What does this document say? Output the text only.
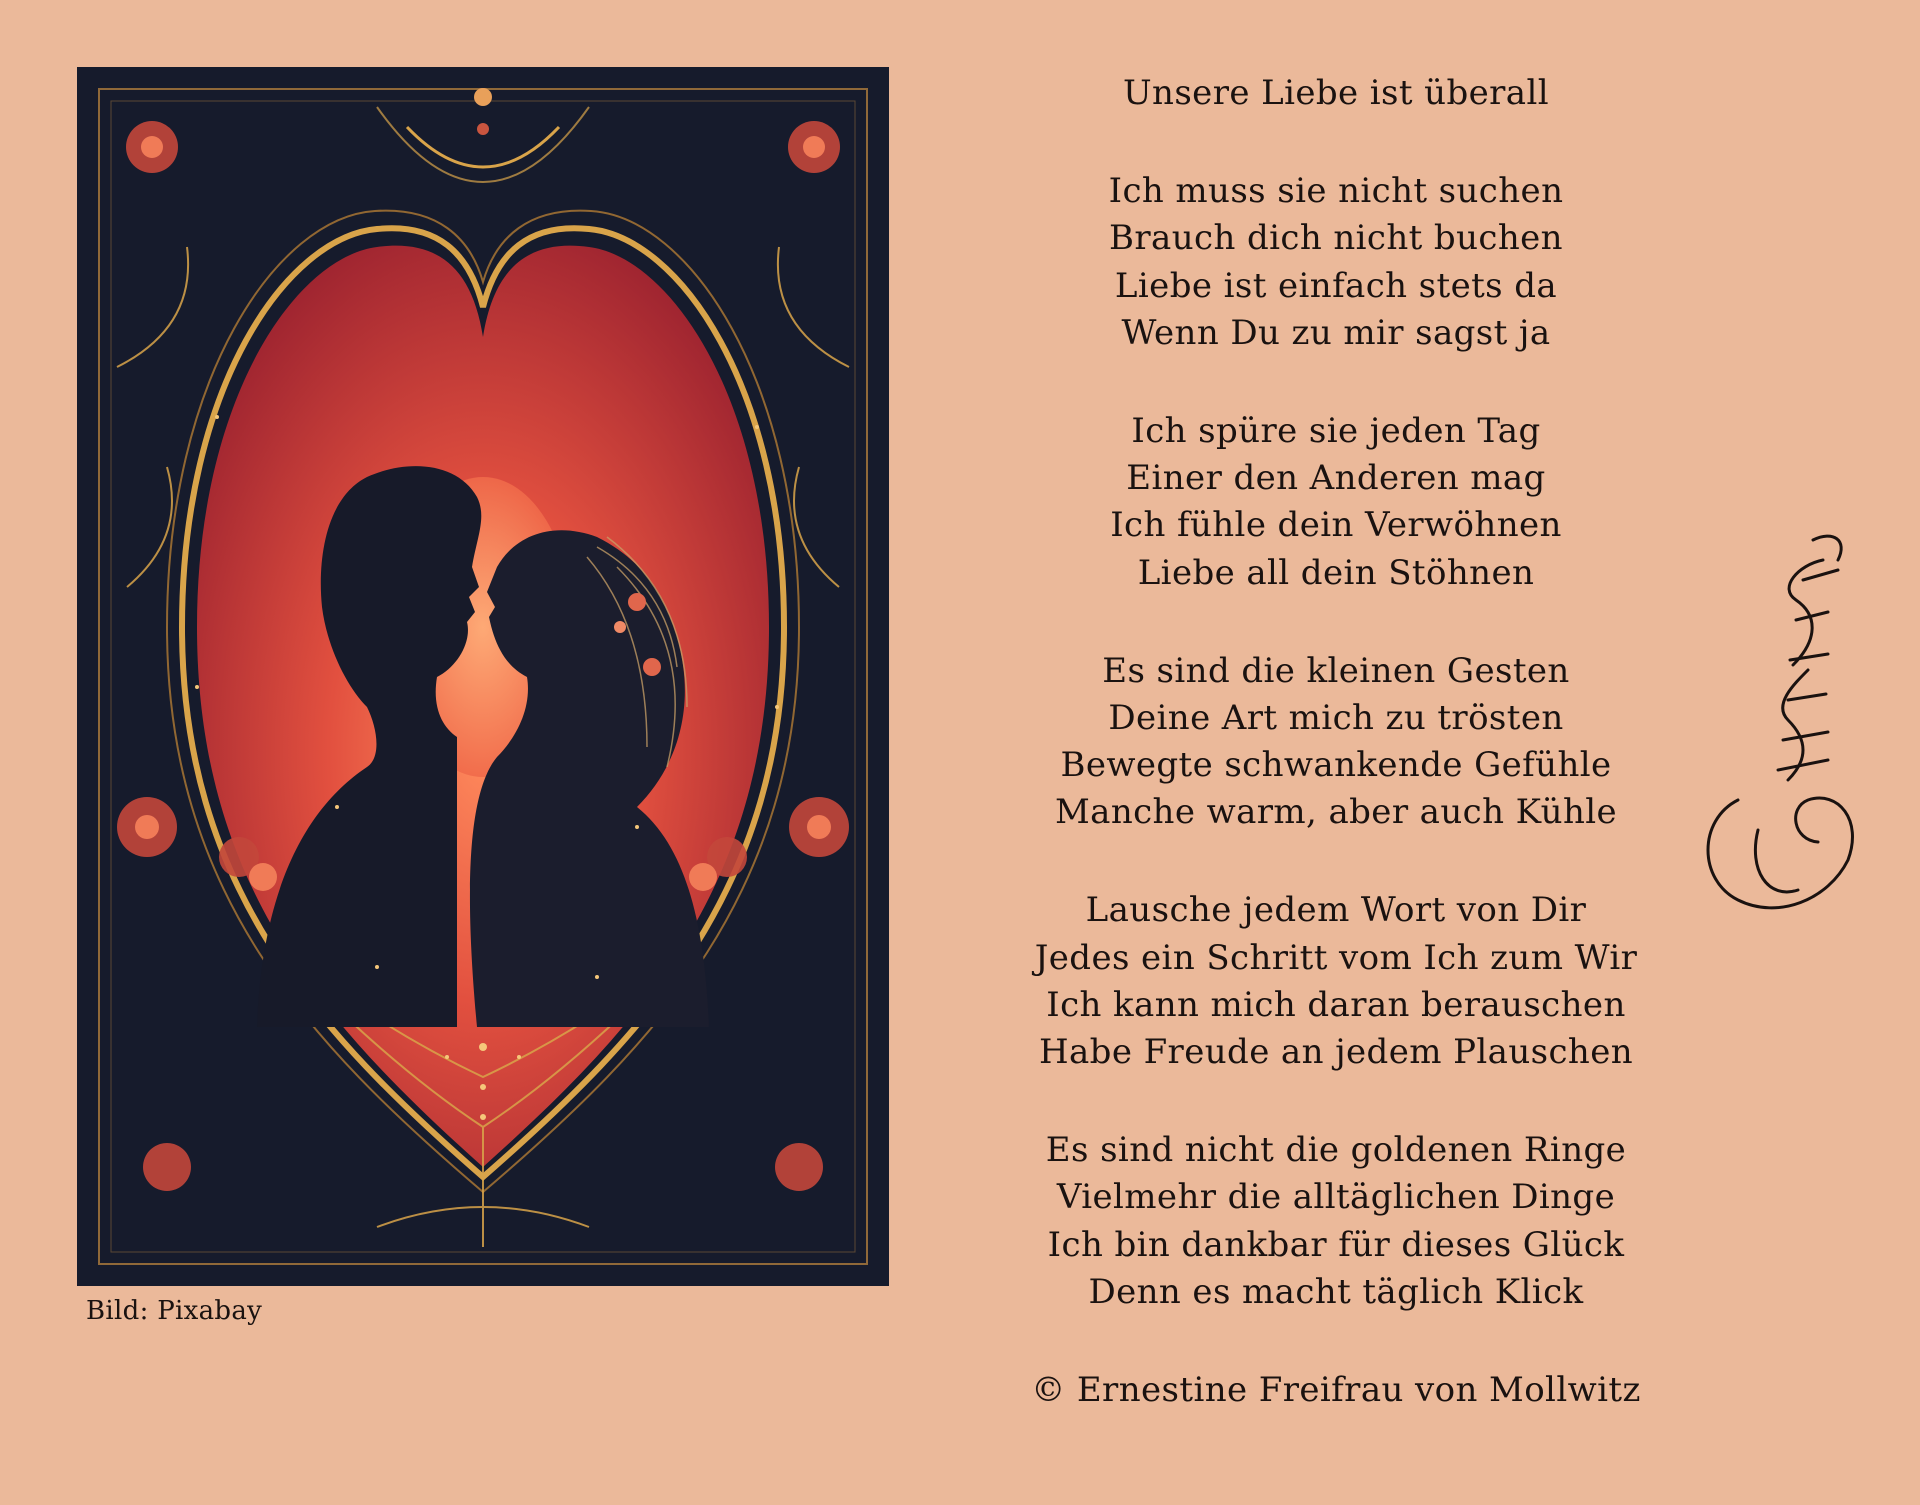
Bild: Pixabay
Unsere Liebe ist überall
Ich muss sie nicht suchen
Brauch dich nicht buchen
Liebe ist einfach stets da
Wenn Du zu mir sagst ja
Ich spüre sie jeden Tag
Einer den Anderen mag
Ich fühle dein Verwöhnen
Liebe all dein Stöhnen
Es sind die kleinen Gesten
Deine Art mich zu trösten
Bewegte schwankende Gefühle
Manche warm, aber auch Kühle
Lausche jedem Wort von Dir
Jedes ein Schritt vom Ich zum Wir
Ich kann mich daran berauschen
Habe Freude an jedem Plauschen
Es sind nicht die goldenen Ringe
Vielmehr die alltäglichen Dinge
Ich bin dankbar für dieses Glück
Denn es macht täglich Klick
© Ernestine Freifrau von Mollwitz
